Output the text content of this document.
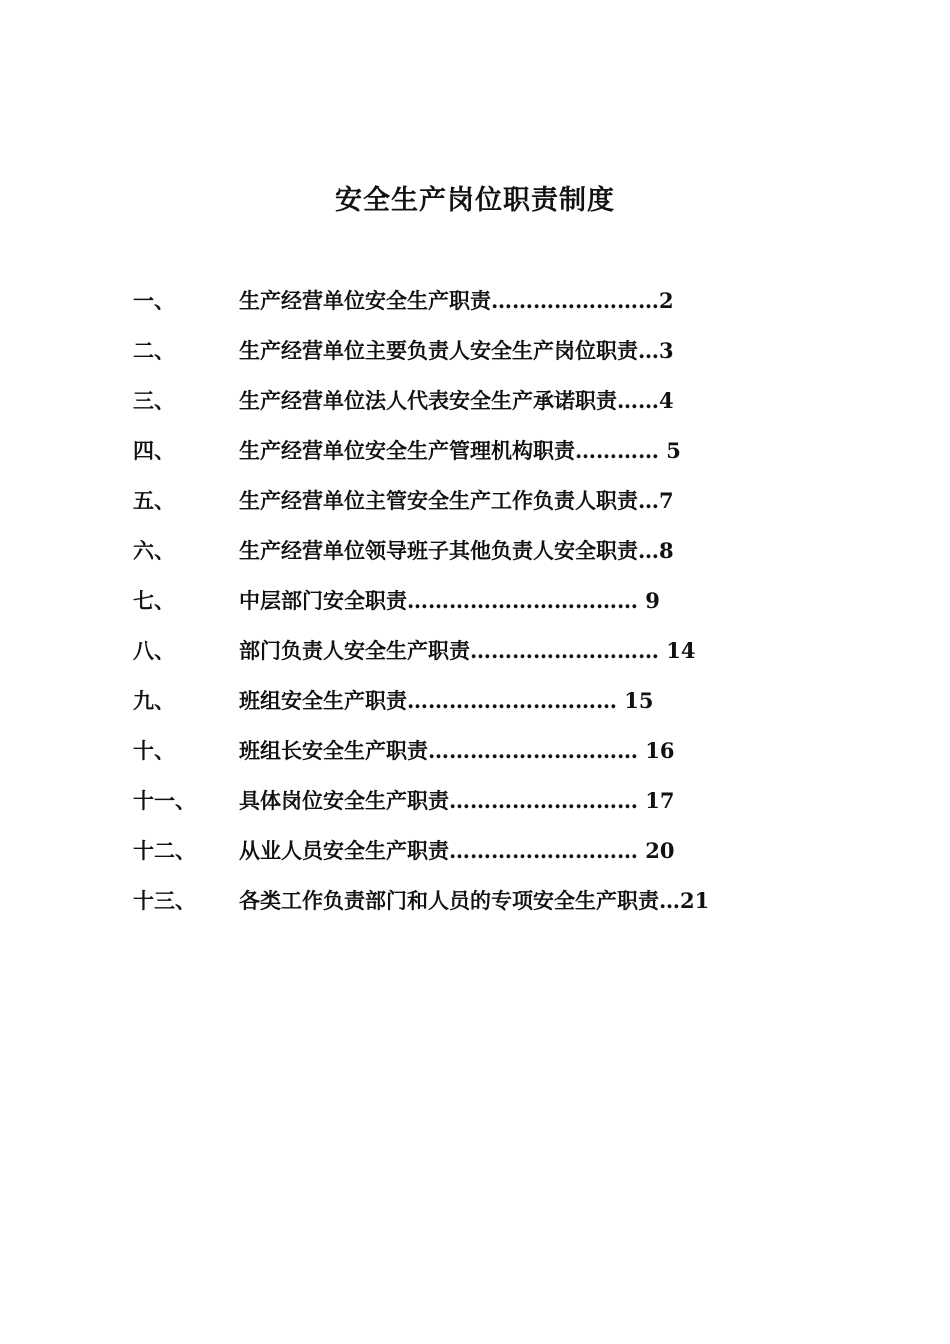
安全生产岗位职责制度
一、	生产经营单位安全生产职责……………………2
二、	生产经营单位主要负责人安全生产岗位职责…3
三、	生产经营单位法人代表安全生产承诺职责……4
四、	生产经营单位安全生产管理机构职责………… 5
五、	生产经营单位主管安全生产工作负责人职责…7
六、	生产经营单位领导班子其他负责人安全职责…8
七、	中层部门安全职责…………………………… 9
八、	部门负责人安全生产职责……………………… 14
九、	班组安全生产职责………………………… 15
十、	班组长安全生产职责………………………… 16
十一、 具体岗位安全生产职责……………………… 17
十二、 从业人员安全生产职责……………………… 20
十三、 各类工作负责部门和人员的专项安全生产职责…21
